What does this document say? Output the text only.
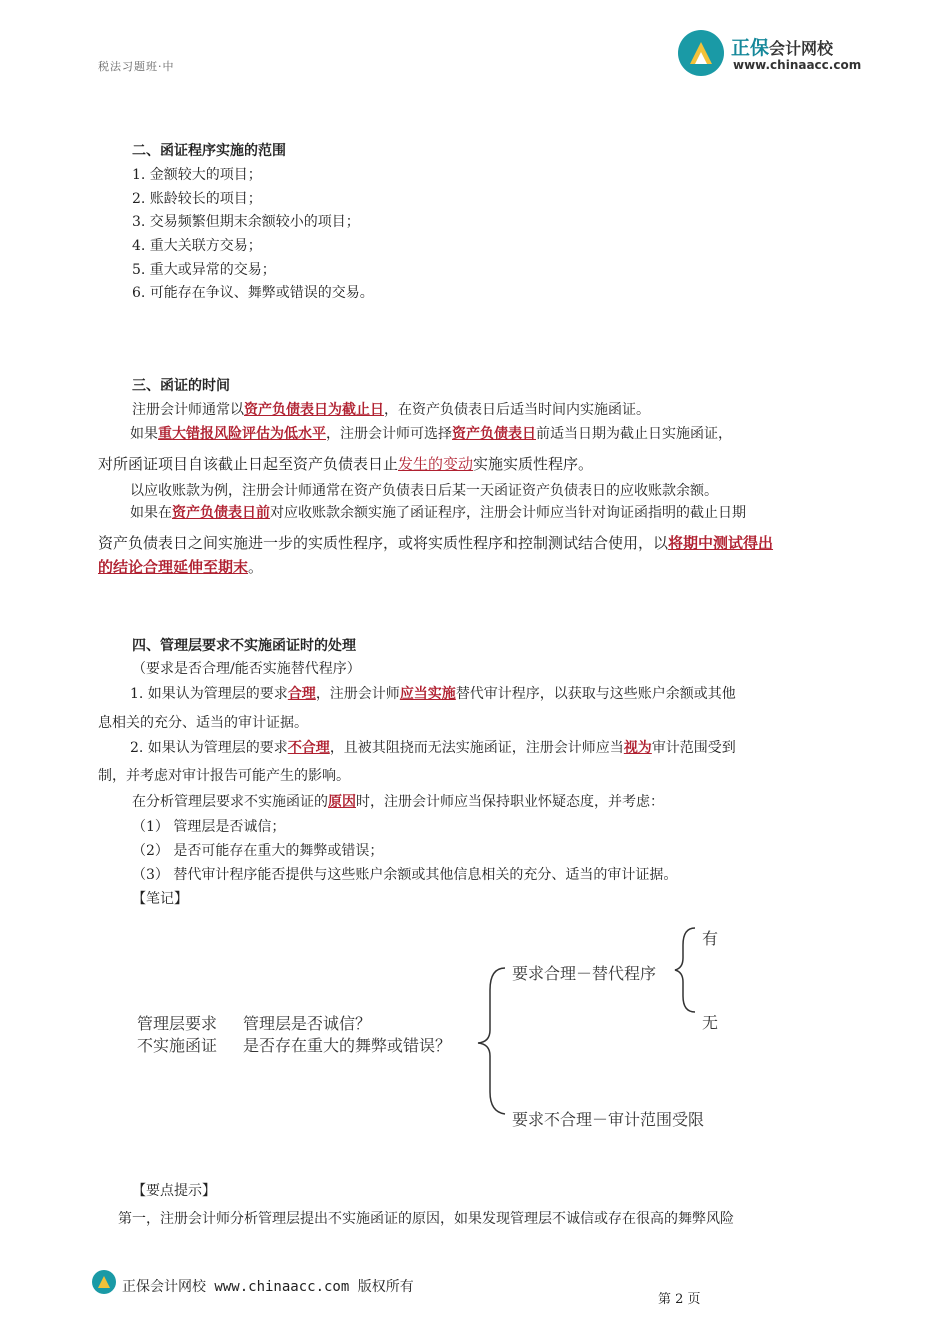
正保会计网校
www.chinaacc.com
税法习题班·中
二、函证程序实施的范围
1. 金额较大的项目；
2. 账龄较长的项目；
3. 交易频繁但期末余额较小的项目；
4. 重大关联方交易；
5. 重大或异常的交易；
6. 可能存在争议、舞弊或错误的交易。
三、函证的时间
注册会计师通常以资产负债表日为截止日，在资产负债表日后适当时间内实施函证。
如果重大错报风险评估为低水平，注册会计师可选择资产负债表日前适当日期为截止日实施函证，
对所函证项目自该截止日起至资产负债表日止发生的变动实施实质性程序。
以应收账款为例，注册会计师通常在资产负债表日后某一天函证资产负债表日的应收账款余额。
如果在资产负债表日前对应收账款余额实施了函证程序，注册会计师应当针对询证函指明的截止日期
资产负债表日之间实施进一步的实质性程序，或将实质性程序和控制测试结合使用，以将期中测试得出
的结论合理延伸至期末。
四、管理层要求不实施函证时的处理
（要求是否合理/能否实施替代程序）
1. 如果认为管理层的要求合理，注册会计师应当实施替代审计程序，以获取与这些账户余额或其他
息相关的充分、适当的审计证据。
2. 如果认为管理层的要求不合理，且被其阻挠而无法实施函证，注册会计师应当视为审计范围受到
制，并考虑对审计报告可能产生的影响。
在分析管理层要求不实施函证的原因时，注册会计师应当保持职业怀疑态度，并考虑：
（1） 管理层是否诚信；
（2） 是否可能存在重大的舞弊或错误；
（3） 替代审计程序能否提供与这些账户余额或其他信息相关的充分、适当的审计证据。
【笔记】
管理层要求
不实施函证
管理层是否诚信？
是否存在重大的舞弊或错误？
要求合理－替代程序
有
无
要求不合理－审计范围受限
【要点提示】
第一，注册会计师分析管理层提出不实施函证的原因，如果发现管理层不诚信或存在很高的舞弊风险
正保会计网校 www.chinaacc.com 版权所有
第 2 页
